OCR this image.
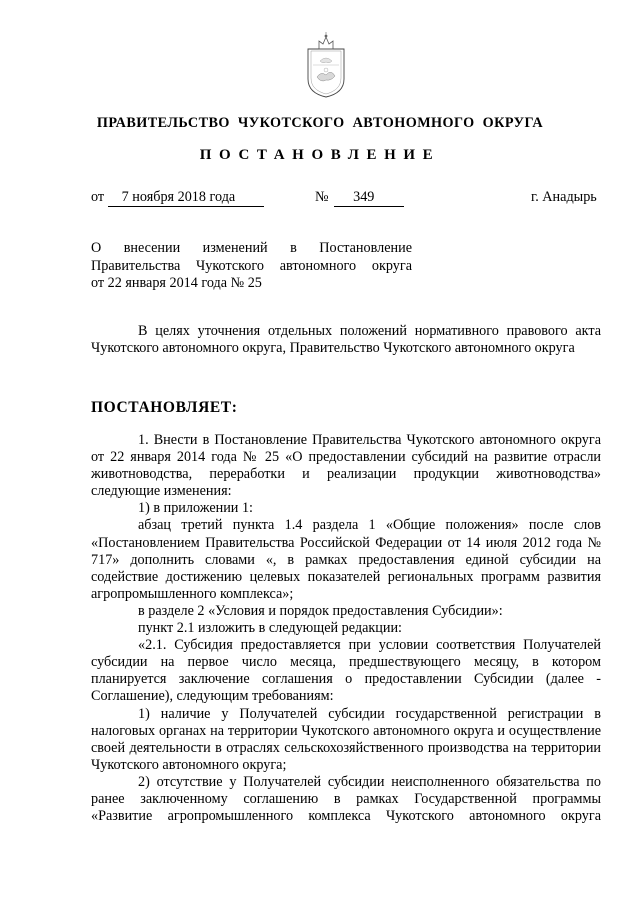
ПРАВИТЕЛЬСТВО ЧУКОТСКОГО АВТОНОМНОГО ОКРУГА
ПОСТАНОВЛЕНИЕ
от 7 ноября 2018 года	№ 349	г. Анадырь
О внесении изменений в Постановление
Правительства Чукотского автономного округа
от 22 января 2014 года № 25
В целях уточнения отдельных положений нормативного правового акта Чукотского автономного округа, Правительство Чукотского автономного округа
ПОСТАНОВЛЯЕТ:
1. Внести в Постановление Правительства Чукотского автономного округа от 22 января 2014 года № 25 «О предоставлении субсидий на развитие отрасли животноводства, переработки и реализации продукции животноводства» следующие изменения:
1) в приложении 1:
абзац третий пункта 1.4 раздела 1 «Общие положения» после слов «Постановлением Правительства Российской Федерации от 14 июля 2012 года № 717» дополнить словами «, в рамках предоставления единой субсидии на содействие достижению целевых показателей региональных программ развития агропромышленного комплекса»;
в разделе 2 «Условия и порядок предоставления Субсидии»:
пункт 2.1 изложить в следующей редакции:
«2.1. Субсидия предоставляется при условии соответствия Получателей субсидии на первое число месяца, предшествующего месяцу, в котором планируется заключение соглашения о предоставлении Субсидии (далее - Соглашение), следующим требованиям:
1) наличие у Получателей субсидии государственной регистрации в налоговых органах на территории Чукотского автономного округа и осуществление своей деятельности в отраслях сельскохозяйственного производства на территории Чукотского автономного округа;
2) отсутствие у Получателей субсидии неисполненного обязательства по ранее заключенному соглашению в рамках Государственной программы
«Развитие агропромышленного комплекса Чукотского автономного округа
